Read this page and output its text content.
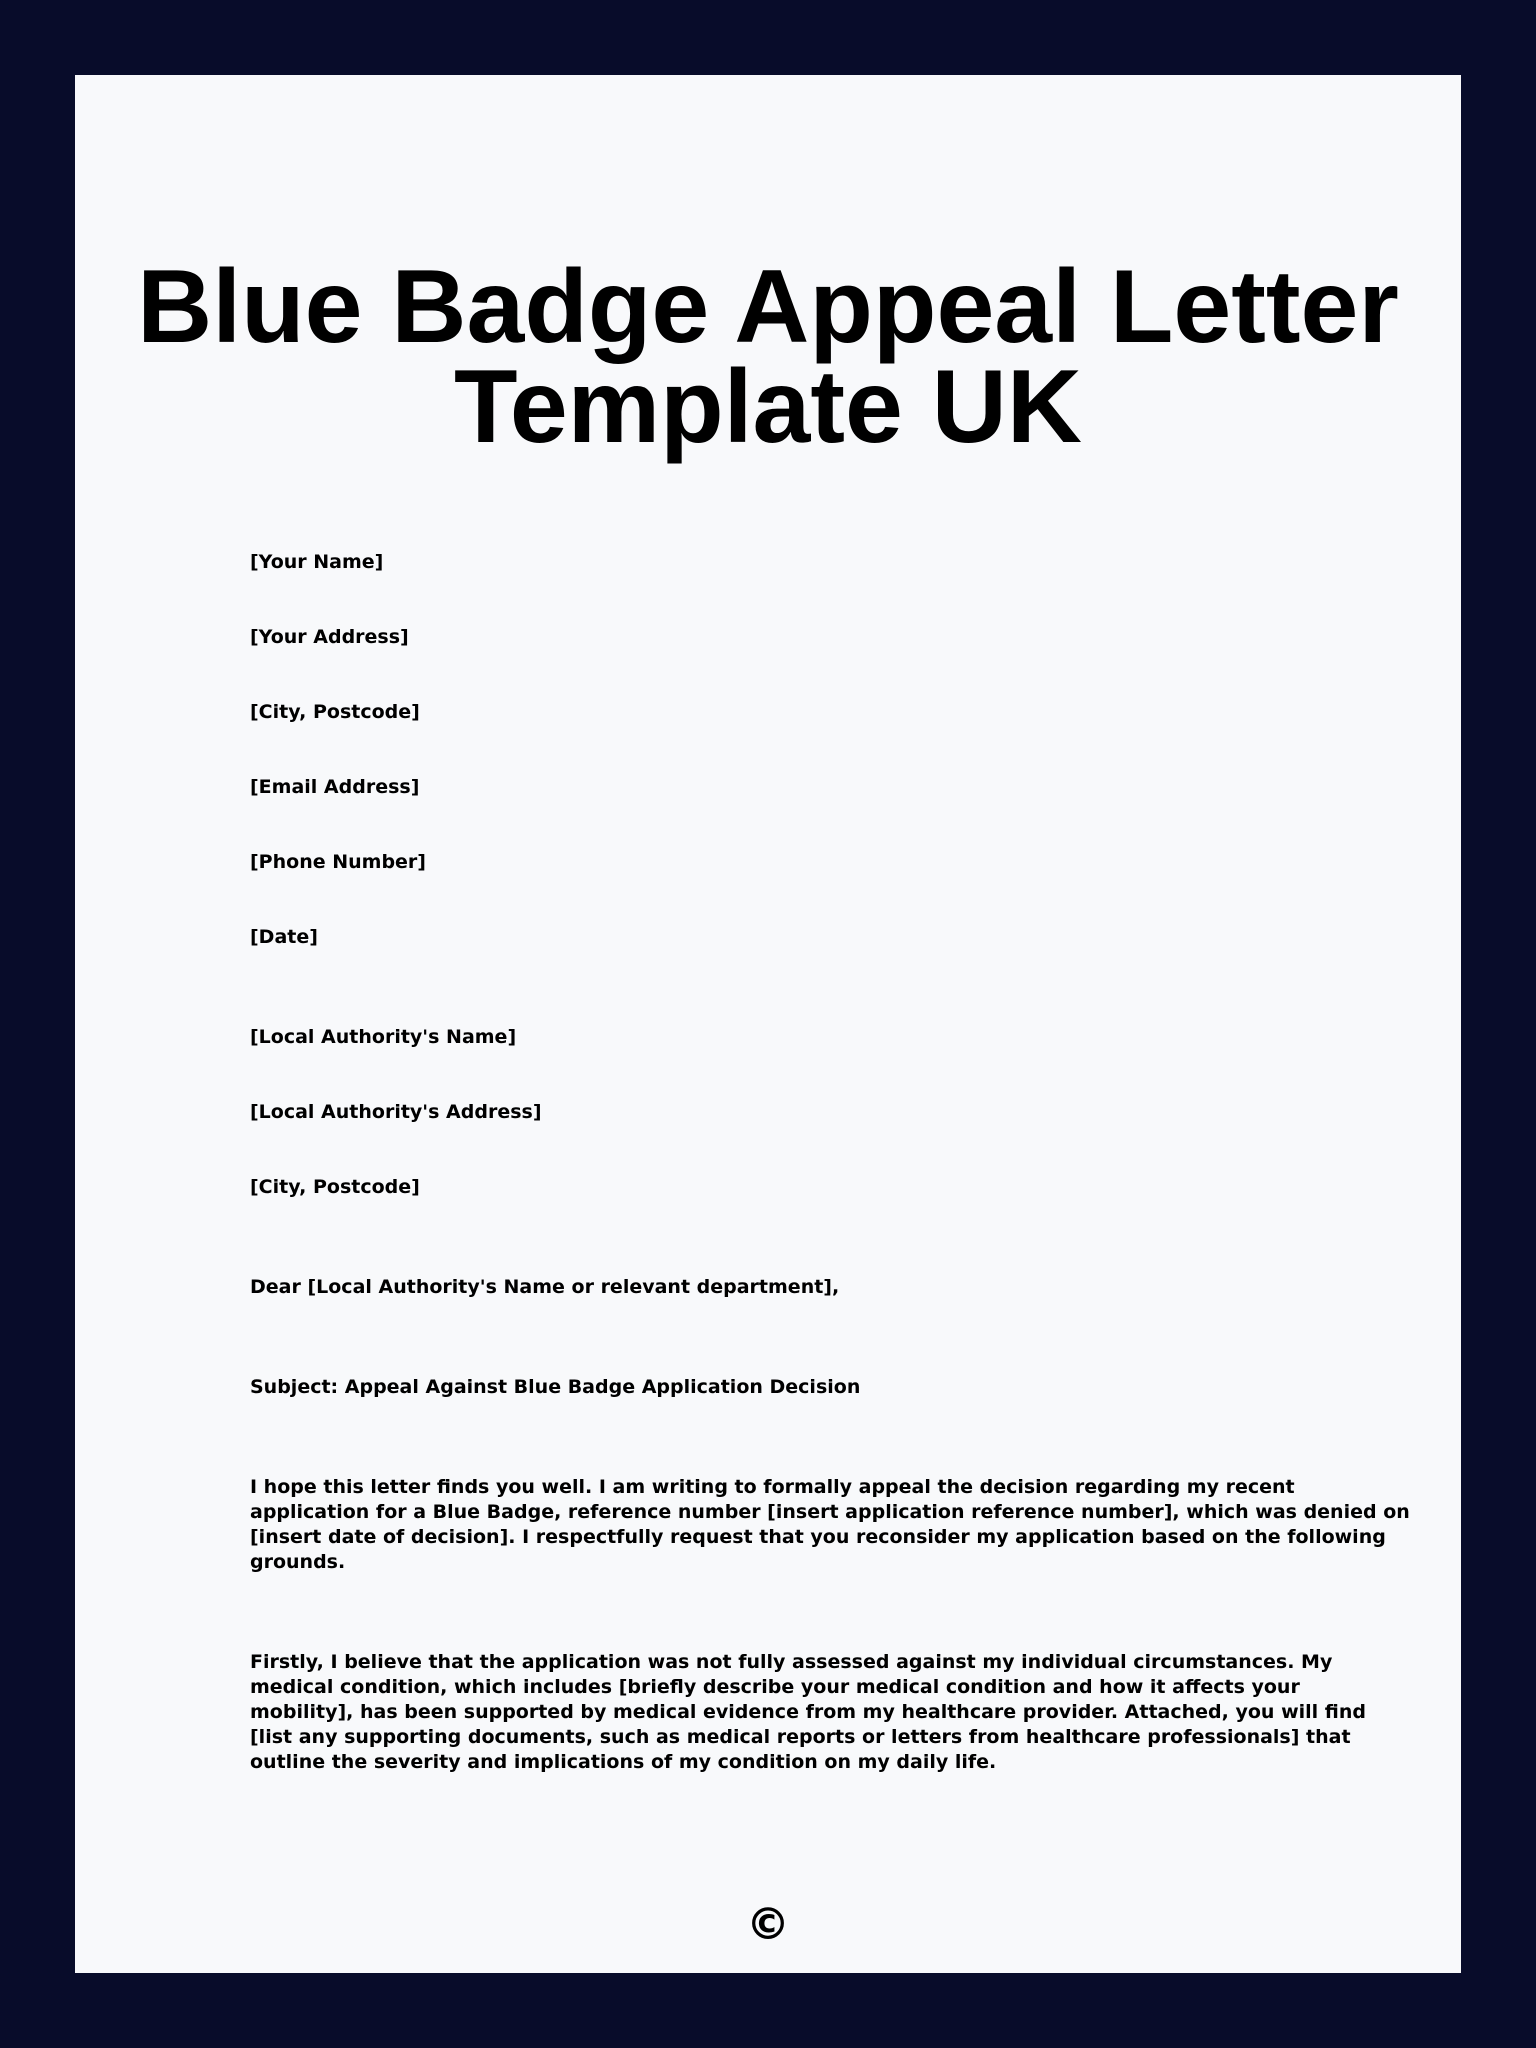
Blue Badge Appeal Letter
Template UK

[Your Name]

[Your Address]

[City, Postcode]

[Email Address]

[Phone Number]

[Date]

[Local Authority's Name]

[Local Authority's Address]

[City, Postcode]

Dear [Local Authority's Name or relevant department],

Subject: Appeal Against Blue Badge Application Decision

I hope this letter finds you well. I am writing to formally appeal the decision regarding my recent
application for a Blue Badge, reference number [insert application reference number], which was denied on
[insert date of decision]. I respectfully request that you reconsider my application based on the following
grounds.
Firstly, I believe that the application was not fully assessed against my individual circumstances. My
medical condition, which includes [briefly describe your medical condition and how it affects your
mobility], has been supported by medical evidence from my healthcare provider. Attached, you will find
[list any supporting documents, such as medical reports or letters from healthcare professionals] that
outline the severity and implications of my condition on my daily life.
©
